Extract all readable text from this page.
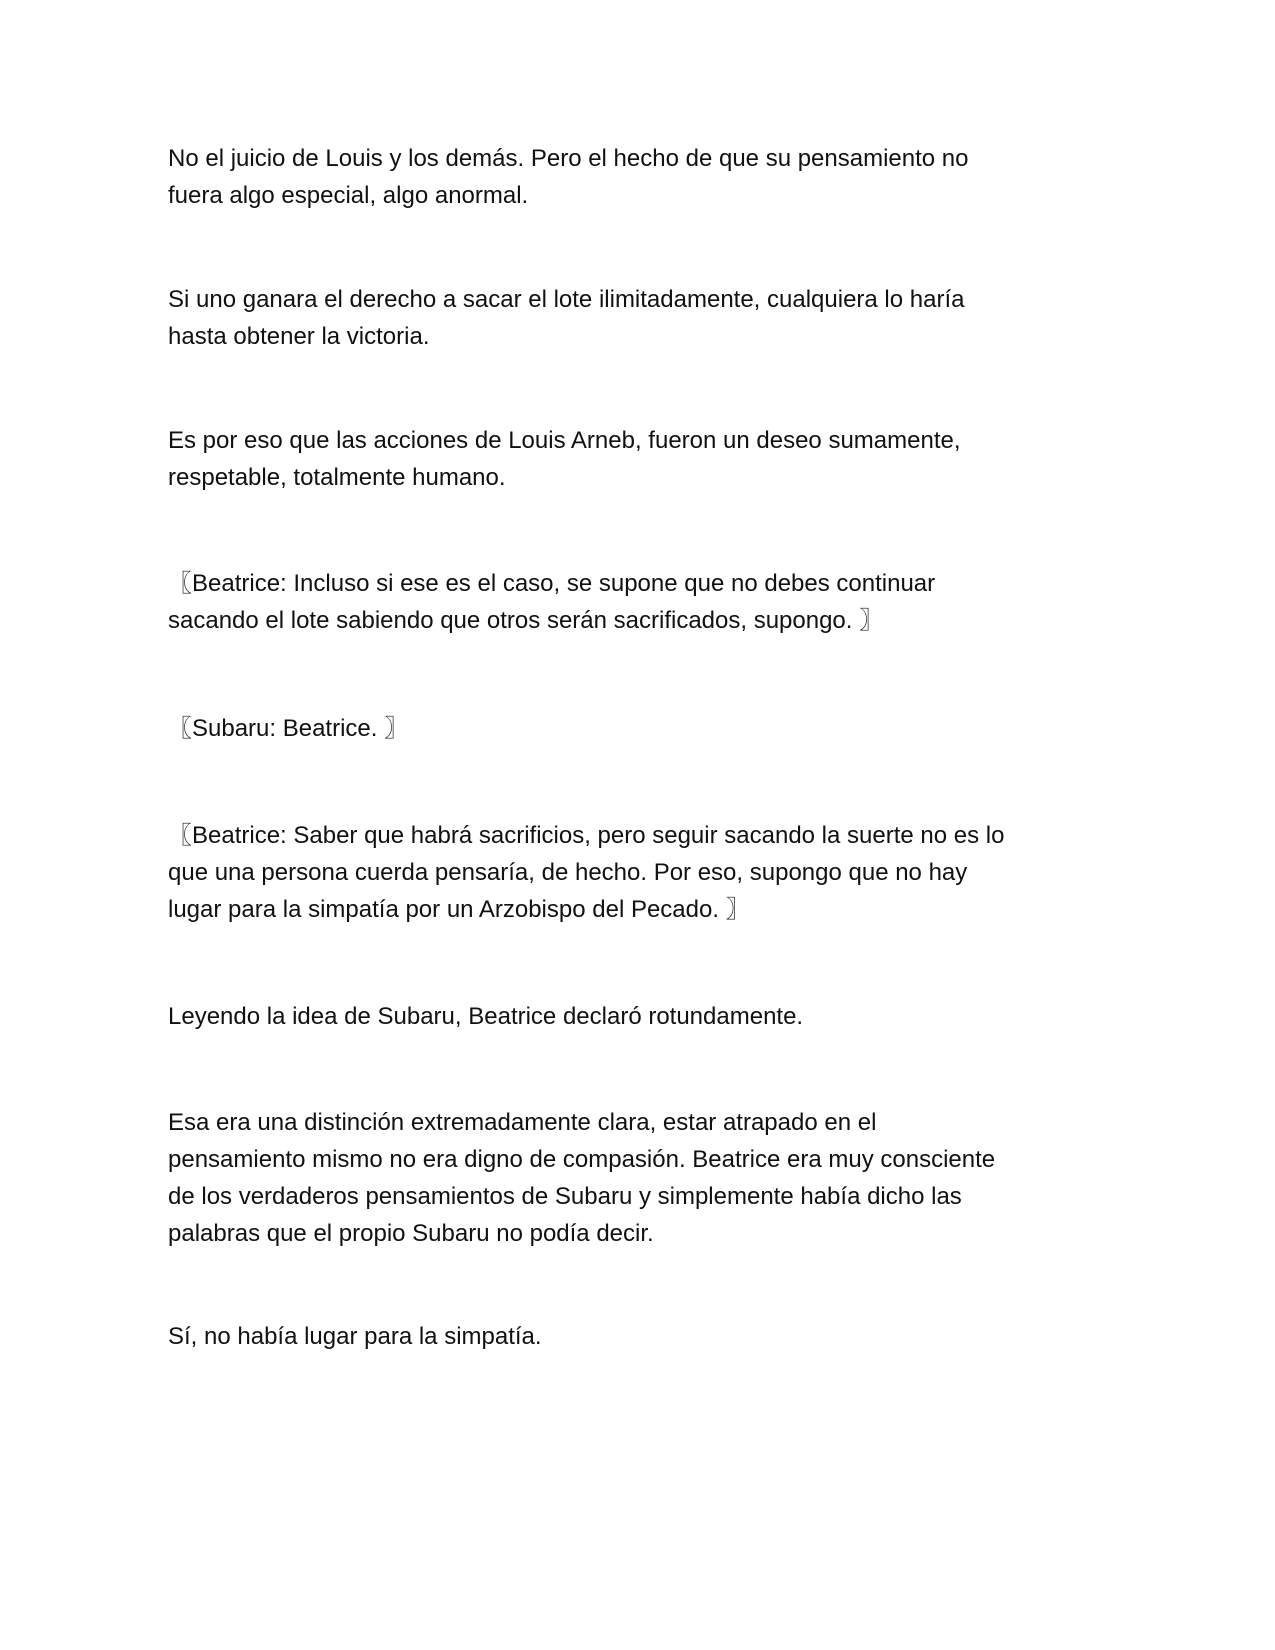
No el juicio de Louis y los demás. Pero el hecho de que su pensamiento no
fuera algo especial, algo anormal.
Si uno ganara el derecho a sacar el lote ilimitadamente, cualquiera lo haría
hasta obtener la victoria.
Es por eso que las acciones de Louis Arneb, fueron un deseo sumamente,
respetable, totalmente humano.
〖Beatrice: Incluso si ese es el caso, se supone que no debes continuar
sacando el lote sabiendo que otros serán sacrificados, supongo. 〗
〖Subaru: Beatrice. 〗
〖Beatrice: Saber que habrá sacrificios, pero seguir sacando la suerte no es lo
que una persona cuerda pensaría, de hecho. Por eso, supongo que no hay
lugar para la simpatía por un Arzobispo del Pecado. 〗
Leyendo la idea de Subaru, Beatrice declaró rotundamente.
Esa era una distinción extremadamente clara, estar atrapado en el
pensamiento mismo no era digno de compasión. Beatrice era muy consciente
de los verdaderos pensamientos de Subaru y simplemente había dicho las
palabras que el propio Subaru no podía decir.
Sí, no había lugar para la simpatía.
